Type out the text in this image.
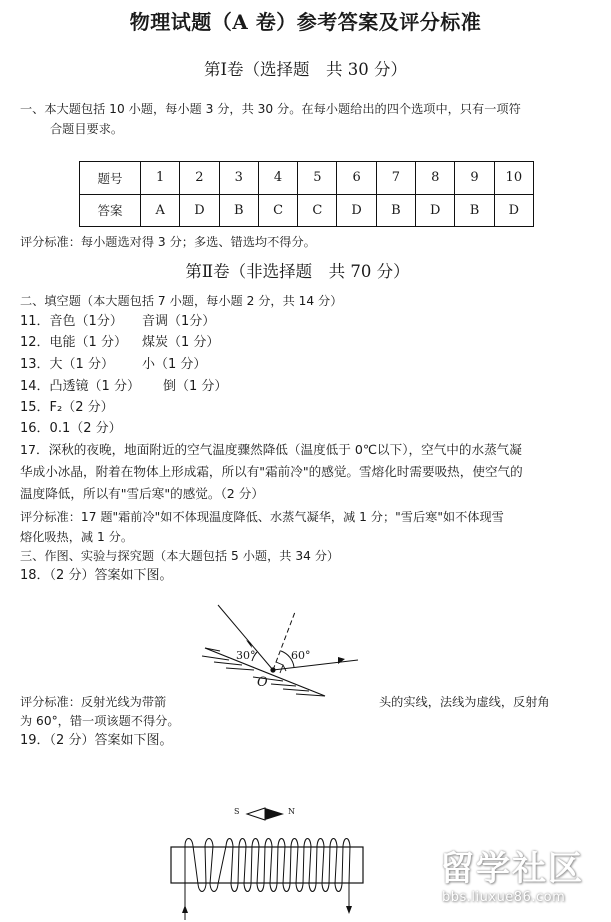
物理试题（A 卷）参考答案及评分标准
第Ⅰ卷（选择题　共 30 分）
一、本大题包括 10 小题，每小题 3 分，共 30 分。在每小题给出的四个选项中，只有一项符
合题目要求。
题号	1	2	3	4	5	6	7	8	9	10
答案	A	D	B	C	C	D	B	D	B	D
评分标准：每小题选对得 3 分；多选、错选均不得分。
第Ⅱ卷（非选择题　共 70 分）
二、填空题（本大题包括 7 小题，每小题 2 分，共 14 分）
11．音色（1分） 音调（1分）
12．电能（1 分） 煤炭（1 分）
13．大（1 分） 小（1 分）
14．凸透镜（1 分） 倒（1 分）
15．F₂（2 分）
16．0.1（2 分）
17．深秋的夜晚，地面附近的空气温度骤然降低（温度低于 0℃以下），空气中的水蒸气凝
华成小冰晶，附着在物体上形成霜，所以有"霜前冷"的感觉。雪熔化时需要吸热，使空气的
温度降低，所以有"雪后寒"的感觉。（2 分）
评分标准：17 题"霜前冷"如不体现温度降低、水蒸气凝华，减 1 分；"雪后寒"如不体现雪
熔化吸热，减 1 分。
三、作图、实验与探究题（本大题包括 5 小题，共 34 分）
18．（2 分）答案如下图。
30°	60°
O
评分标准：反射光线为带箭	头的实线，法线为虚线，反射角
为 60°，错一项该题不得分。
19．（2 分）答案如下图。
S	N
留学社区
bbs.liuxue86.com
